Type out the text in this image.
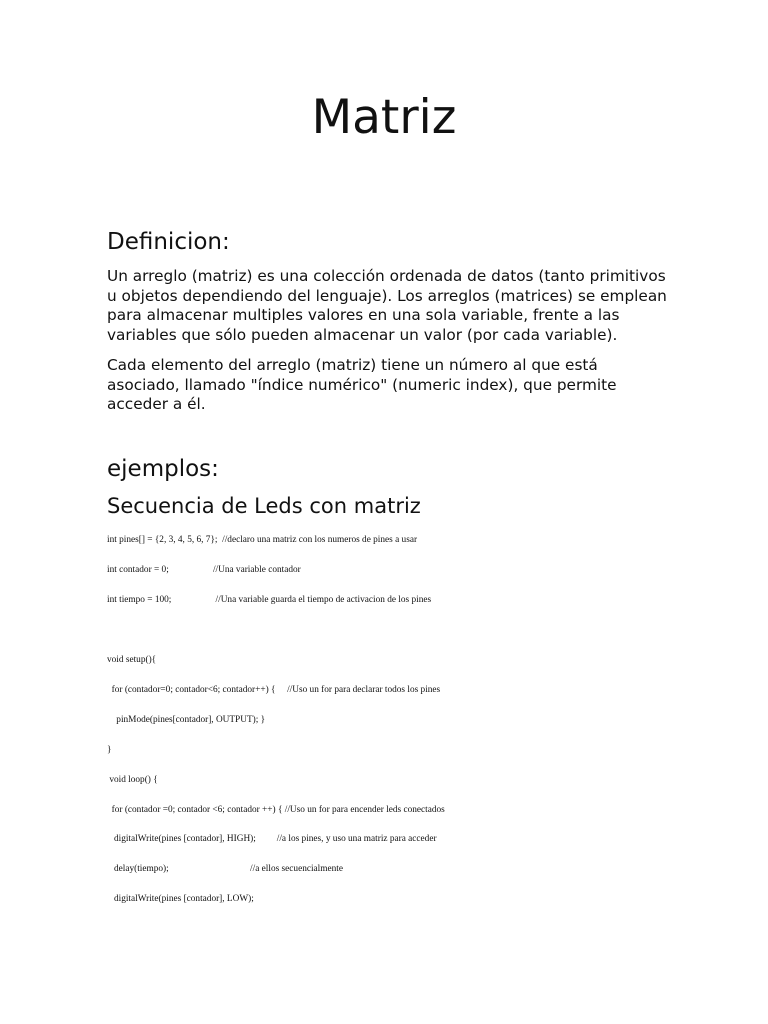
Matriz
Definicion:

Un arreglo (matriz) es una colección ordenada de datos (tanto primitivos u objetos dependiendo del lenguaje). Los arreglos (matrices) se emplean para almacenar multiples valores en una sola variable, frente a las variables que sólo pueden almacenar un valor (por cada variable).

Cada elemento del arreglo (matriz) tiene un número al que está asociado, llamado "índice numérico" (numeric index), que permite acceder a él.

ejemplos:
Secuencia de Leds con matriz
int pines[] = {2, 3, 4, 5, 6, 7};  //declaro una matriz con los numeros de pines a usar
int contador = 0;                   //Una variable contador
int tiempo = 100;                   //Una variable guarda el tiempo de activacion de los pines
void setup(){
for (contador=0; contador<6; contador++) {     //Uso un for para declarar todos los pines
pinMode(pines[contador], OUTPUT); }
}
void loop() {
for (contador =0; contador <6; contador ++) { //Uso un for para encender leds conectados
digitalWrite(pines [contador], HIGH);         //a los pines, y uso una matriz para acceder
delay(tiempo);                                   //a ellos secuencialmente
digitalWrite(pines [contador], LOW);
